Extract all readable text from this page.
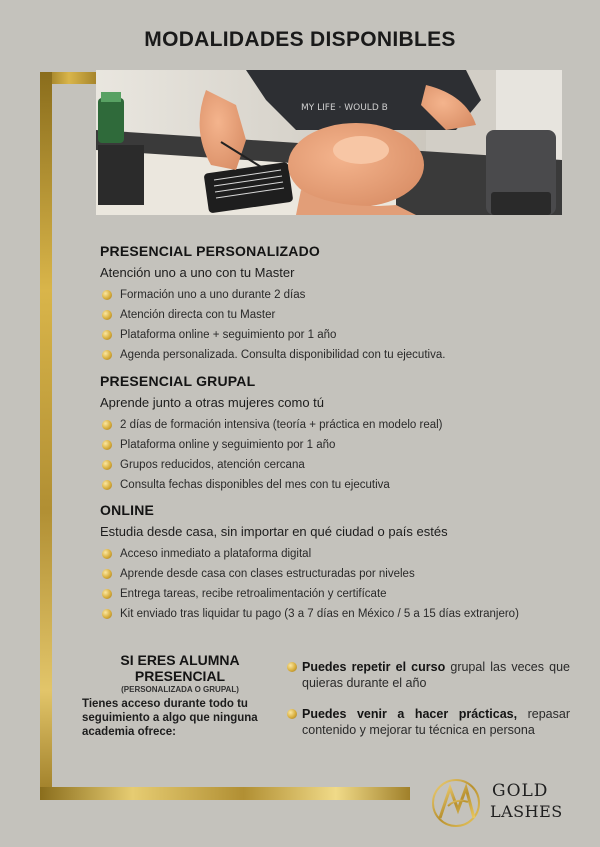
MODALIDADES DISPONIBLES
MY LIFE · WOULD B
PRESENCIAL PERSONALIZADO
Atención uno a uno con tu Master
Formación uno a uno durante 2 días
Atención directa con tu Master
Plataforma online + seguimiento por 1 año
Agenda personalizada. Consulta disponibilidad con tu ejecutiva.
PRESENCIAL GRUPAL
Aprende junto a otras mujeres como tú
2 días de formación intensiva (teoría + práctica en modelo real)
Plataforma online y seguimiento por 1 año
Grupos reducidos, atención cercana
Consulta fechas disponibles del mes con tu ejecutiva
ONLINE
Estudia desde casa, sin importar en qué ciudad o país estés
Acceso inmediato a plataforma digital
Aprende desde casa con clases estructuradas por niveles
Entrega tareas, recibe retroalimentación y certifícate
Kit enviado tras liquidar tu pago (3 a 7 días en México / 5 a 15 días extranjero)
SI ERES ALUMNA
PRESENCIAL
(PERSONALIZADA O GRUPAL)
Tienes acceso durante todo tu seguimiento a algo que ninguna academia ofrece:
Puedes repetir el curso grupal las veces que quieras durante el año
Puedes venir a hacer prácticas, repasar contenido y mejorar tu técnica en persona
GOLD
LASHES
